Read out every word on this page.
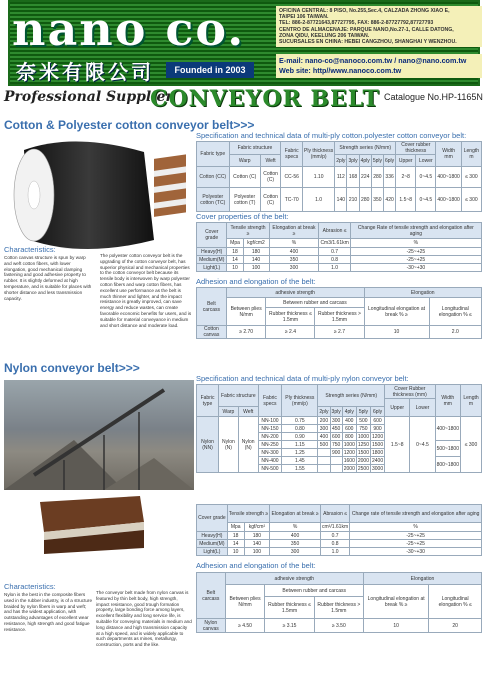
nano co.
奈米有限公司	Founded in 2003
OFICINA CENTRAL: 8 PISO, No.255,Sec.4, CALZADA ZHONG XIAO E,
TAIPEI 106 TAIWAN.
TEL: 886-2-87721643,87727795, FAX: 886-2-87727792,87727793
CENTRO DE ALMACENAJE: PARQUE NANO,No.27-1, CALLE DATONG,
ZONA QIDU, KEELUNG 206 TAIWAN.
SUCURSALES EN CHINA: HEBEI CANGZHOU, SHANGHAI Y WENZHOU.
E-mail: nano-co@nanoco.com.tw / nano@nano.com.tw
Web site: http//www.nanoco.com.tw
Professional Supplier
CONVEYOR BELT Catalogue No.HP-1165N
Cotton & Polyester cotton conveyor belt>>>
Specification and technical data of multi-ply cotton.polyester cotton conveyor belt:
Fabric type	Fabric structure		Fabric specs	Ply thickness (mm/p)	Strength series (N/mm)					Cover rubber thickness		Width mm	Length m
	Warp	Weft			2ply	3ply	4ply	5ply	6ply	Upper	Lower		
Cotton (CC)	Cotton (C)	Cotton (C)	CC-56	1.10	112	168	224	280	336	2~8	0~4.5	400~1800	≤ 300
Polyester cotton (TC)	Polyester cotton (T)	Cotton (C)	TC-70	1.0	140	210	280	350	420	1.5~8	0~4.5	400~1800	≤ 300
Cover properties of the belt:
Cover grade	Tensile strength ≥		Elongation at break ≥	Abrasion ≤	Change Rate of tensile strength and elongation after aging
	Mpa	kgf/cm2	%	Cm3/1.61km	%
Heavy(H)	18	180	400	0.7	-25~+25
Medium(M)	14	140	350	0.8	-25~+25
Light(L)	10	100	300	1.0	-30~+30
Adhesion and elongation of the belt:
Belt carcass	adhesive strength			Elongation	
	Between plies N/mm	Between rubber and carcass		Longitudinal elongation at break % ≥	Longitudinal elongation % ≤
		Rubber thickness ≤ 1.5mm	Rubber thickness > 1.5mm		
Cotton canvas	≥ 2.70	≥ 2.4	≥ 2.7	10	2.0
Characteristics:
Cotton canvas structure is spun by warp and weft cotton fibers, with lower elongation, good mechanical clamping fastening and good adhesive property to rubber. It is slightly deformed at high temperature, and is suitable for places with shorter distance and less transmission capacity.
The polyester cotton conveyor belt is the upgrading of the cotton conveyor belt, has superior physical and mechanical properties to the cotton conveyor belt because its tensile body is interwoven by warp polyester cotton fibers and warp cotton fibers, has excellent use performance as the belt is much thinner and lighter, and the impact resistance is greatly improved, can save energy and reduce wastes, can create favorable economic benefits for users, and is suitable for material conveyance in medium and short distance and moderate load.
Nylon conveyor belt>>>
Specification and technical data of multi-ply nylon conveyor belt:
Fabric type	Fabric structure		Fabric specs	Ply thickness (mm/p)	Strength series (N/mm)					Cover Rubber thickness (mm)		Width mm	Length m
										Upper	Lower		
	Warp	Weft			2ply	3ply	4ply	5ply	6ply				
Nylon (NN)	Nylon (N)	Nylon (N)	NN-100	0.75	200	300	400	500	600	1.5~8	0~4.5	400~1800	≤ 300
			NN-150	0.80	300	450	600	750	900				
			NN-200	0.90	400	600	800	1000	1200				
			NN-250	1.15	500	750	1000	1250	1500			500~1800	
			NN-300	1.25		900	1200	1500	1800				
			NN-400	1.45			1600	2000	2400			800~1800	
			NN-500	1.55			2000	2500	3000				
Cover grade	Tensile strength ≥		Elongation at break ≥	Abrasion ≤	Change rate of tensile strength and elongation after aging
	Mpa	kgf/cm²	%	cm³/1.61km	%
Heavy(H)	18	180	400	0.7	-25~+25
Medium(M)	14	140	350	0.8	-25~+25
Light(L)	10	100	300	1.0	-30~+30
Adhesion and elongation of the belt:
Belt carcass	adhesive strength			Elongation	
	Between plies N/mm	Between rubber and carcass		Longitudinal elongation at break % ≥	Longitudinal elongation % ≤
		Rubber thickness ≤ 1.5mm	Rubber thickness > 1.5mm		
Nylon canvas	≥ 4.50	≥ 3.15	≥ 3.50	10	20
Characteristics:
Nylon is the best in the composite fibers used in the rubber industry, is of a structure braided by nylon fibers in warp and weft; and has the widest application, with outstanding advantages of excellent wear resistance, high strength and good fatigue resistance.
The conveyor belt made from nylon canvas is featured by thin belt body, high strength, impact resistance, good trough formation property, large bonding force among layers, excellent flexibility and long service life, is suitable for conveying materials in medium and long distance and high transmission capacity at a high speed, and is widely applicable to such departments as mines, metallurgy, construction, ports and the like.
